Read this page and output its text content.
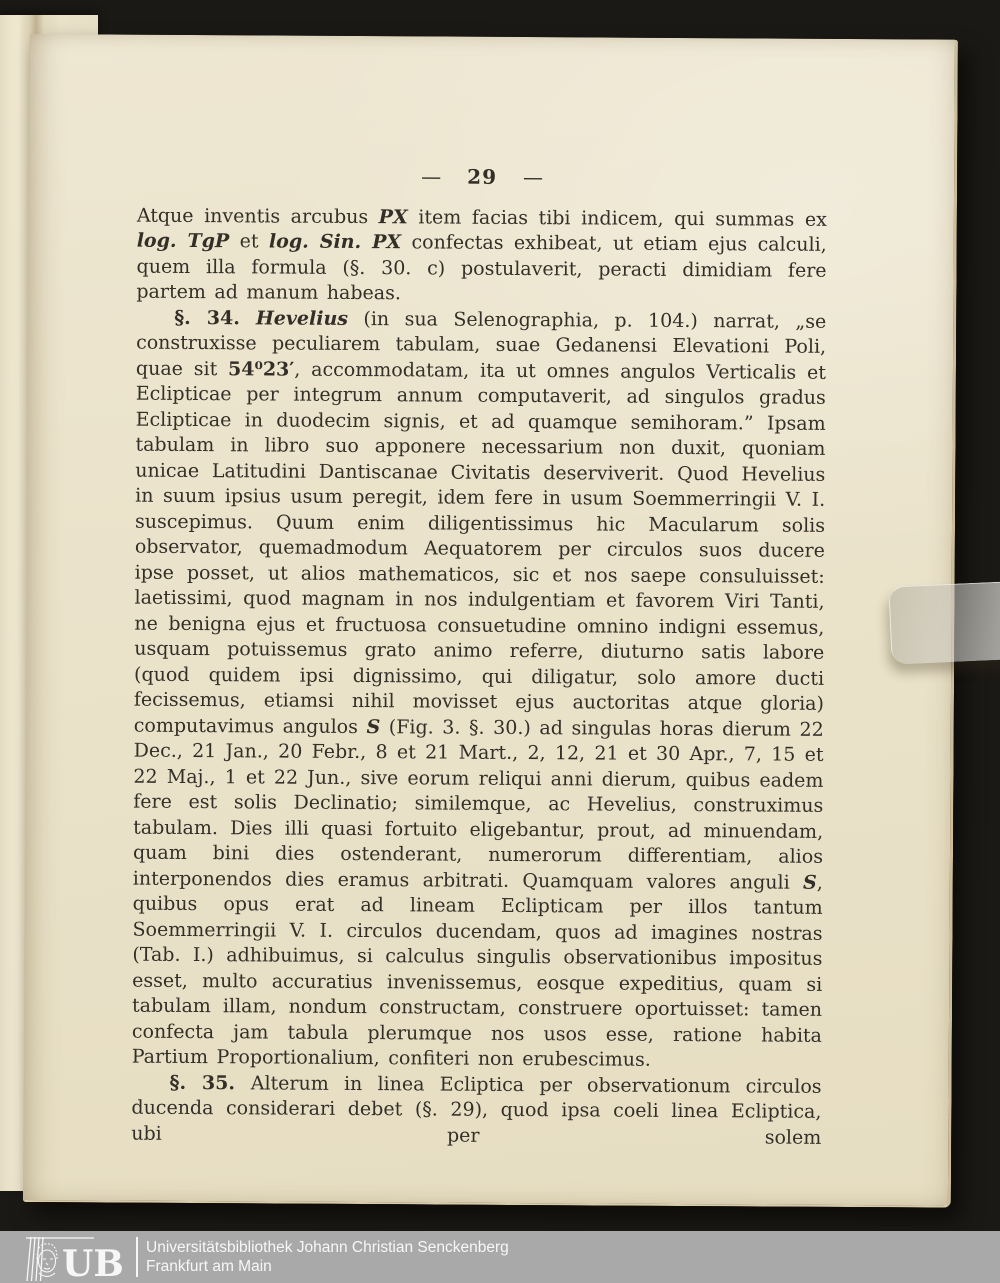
— 29 —

Atque inventis arcubus PX item facias tibi indicem, qui summas ex log. TgP et log. Sin. PX confectas exhibeat, ut etiam ejus calculi, quem illa formula (§. 30. c) postulaverit, peracti dimidiam fere partem ad manum habeas.

§. 34. Hevelius (in sua Selenographia, p. 104.) narrat, „se construxisse peculiarem tabulam, suae Gedanensi Elevationi Poli, quae sit 54⁰23′, accommodatam, ita ut omnes angulos Verticalis et Eclipticae per integrum annum computaverit, ad singulos gradus Eclipticae in duodecim signis, et ad quamque semihoram.” Ipsam tabulam in libro suo apponere necessarium non duxit, quoniam unicae Latitudini Dantiscanae Civitatis deserviverit. Quod Hevelius in suum ipsius usum peregit, idem fere in usum Soemmerringii V. I. suscepimus. Quum enim diligentissimus hic Macularum solis observator, quemadmodum Aequatorem per circulos suos ducere ipse posset, ut alios mathematicos, sic et nos saepe consuluisset: laetissimi, quod magnam in nos indulgentiam et favorem Viri Tanti, ne benigna ejus et fructuosa consuetudine omnino indigni essemus, usquam potuissemus grato animo referre, diuturno satis labore (quod quidem ipsi dignissimo, qui diligatur, solo amore ducti fecissemus, etiamsi nihil movisset ejus auctoritas atque gloria) computavimus angulos S (Fig. 3. §. 30.) ad singulas horas dierum 22 Dec., 21 Jan., 20 Febr., 8 et 21 Mart., 2, 12, 21 et 30 Apr., 7, 15 et 22 Maj., 1 et 22 Jun., sive eorum reliqui anni dierum, quibus eadem fere est solis Declinatio; similemque, ac Hevelius, construximus tabulam. Dies illi quasi fortuito eligebantur, prout, ad minuendam, quam bini dies ostenderant, numerorum differentiam, alios interponendos dies eramus arbitrati. Quamquam valores anguli S, quibus opus erat ad lineam Eclipticam per illos tantum Soemmerringii V. I. circulos ducendam, quos ad imagines nostras (Tab. I.) adhibuimus, si calculus singulis observationibus impositus esset, multo accuratius invenissemus, eosque expeditius, quam si tabulam illam, nondum constructam, construere oportuisset: tamen confecta jam tabula plerumque nos usos esse, ratione habita Partium Proportionalium, confiteri non erubescimus.

§. 35. Alterum in linea Ecliptica per observationum circulos ducenda considerari debet (§. 29), quod ipsa coeli linea Ecliptica, ubi per solem

UB Universitätsbibliothek Johann Christian Senckenberg
Frankfurt am Main
